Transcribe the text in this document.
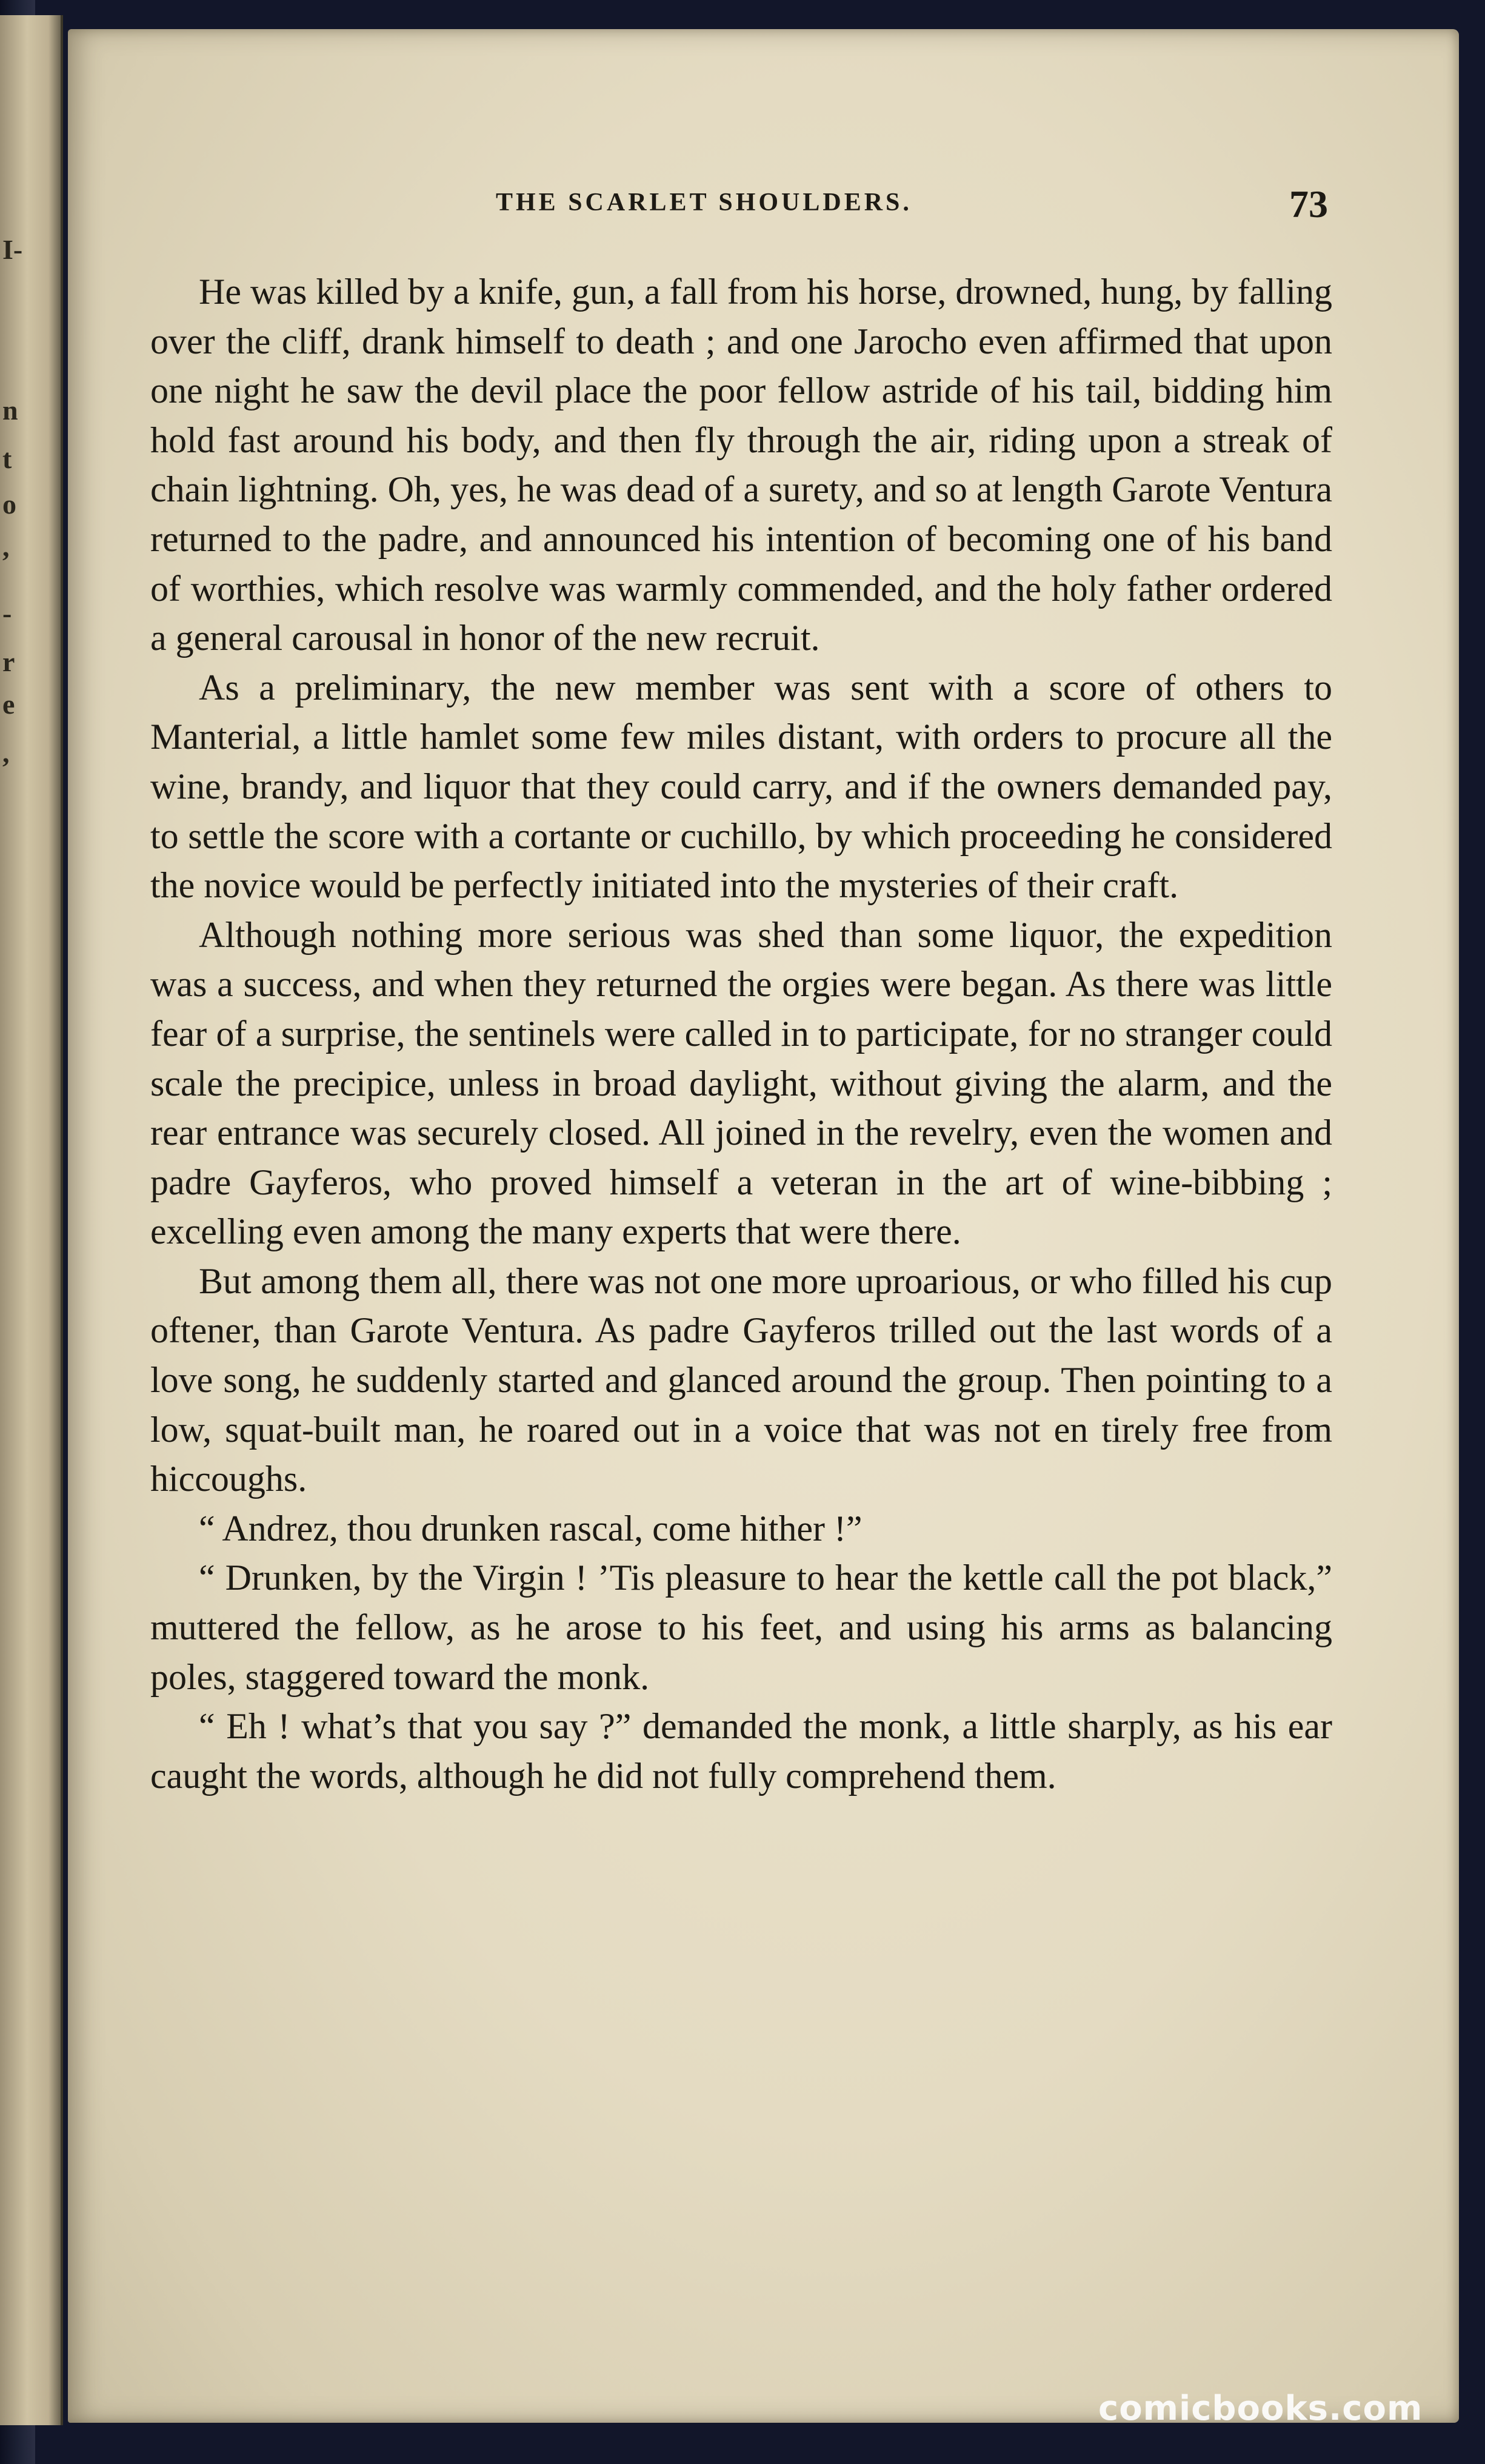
I-
n
t
o
,
-
r
e
,
THE SCARLET SHOULDERS.	73

He was killed by a knife, gun, a fall from his horse, drowned, hung, by falling over the cliff, drank himself to death ; and one Jarocho even affirmed that upon one night he saw the devil place the poor fellow astride of his tail, bidding him hold fast around his body, and then fly through the air, riding upon a streak of chain lightning. Oh, yes, he was dead of a surety, and so at length Garote Ventura returned to the padre, and announced his intention of becoming one of his band of worthies, which resolve was warmly commended, and the holy father ordered a general carousal in honor of the new recruit.

As a preliminary, the new member was sent with a score of others to Manterial, a little hamlet some few miles distant, with orders to procure all the wine, brandy, and liquor that they could carry, and if the owners demanded pay, to settle the score with a cortante or cuchillo, by which proceeding he considered the novice would be perfectly initiated into the mysteries of their craft.

Although nothing more serious was shed than some liquor, the expedition was a success, and when they returned the orgies were began. As there was little fear of a surprise, the sentinels were called in to participate, for no stranger could scale the precipice, unless in broad daylight, without giving the alarm, and the rear entrance was securely closed. All joined in the revelry, even the women and padre Gayferos, who proved himself a veteran in the art of wine-bibbing ; excelling even among the many experts that were there.

But among them all, there was not one more uproarious, or who filled his cup oftener, than Garote Ventura. As padre Gayferos trilled out the last words of a love song, he suddenly started and glanced around the group. Then pointing to a low, squat-built man, he roared out in a voice that was not en tirely free from hiccoughs.

“ Andrez, thou drunken rascal, come hither !”

“ Drunken, by the Virgin ! ’Tis pleasure to hear the kettle call the pot black,” muttered the fellow, as he arose to his feet, and using his arms as balancing poles, staggered toward the monk.

“ Eh ! what’s that you say ?” demanded the monk, a little sharply, as his ear caught the words, although he did not fully comprehend them.

comicbooks.com
